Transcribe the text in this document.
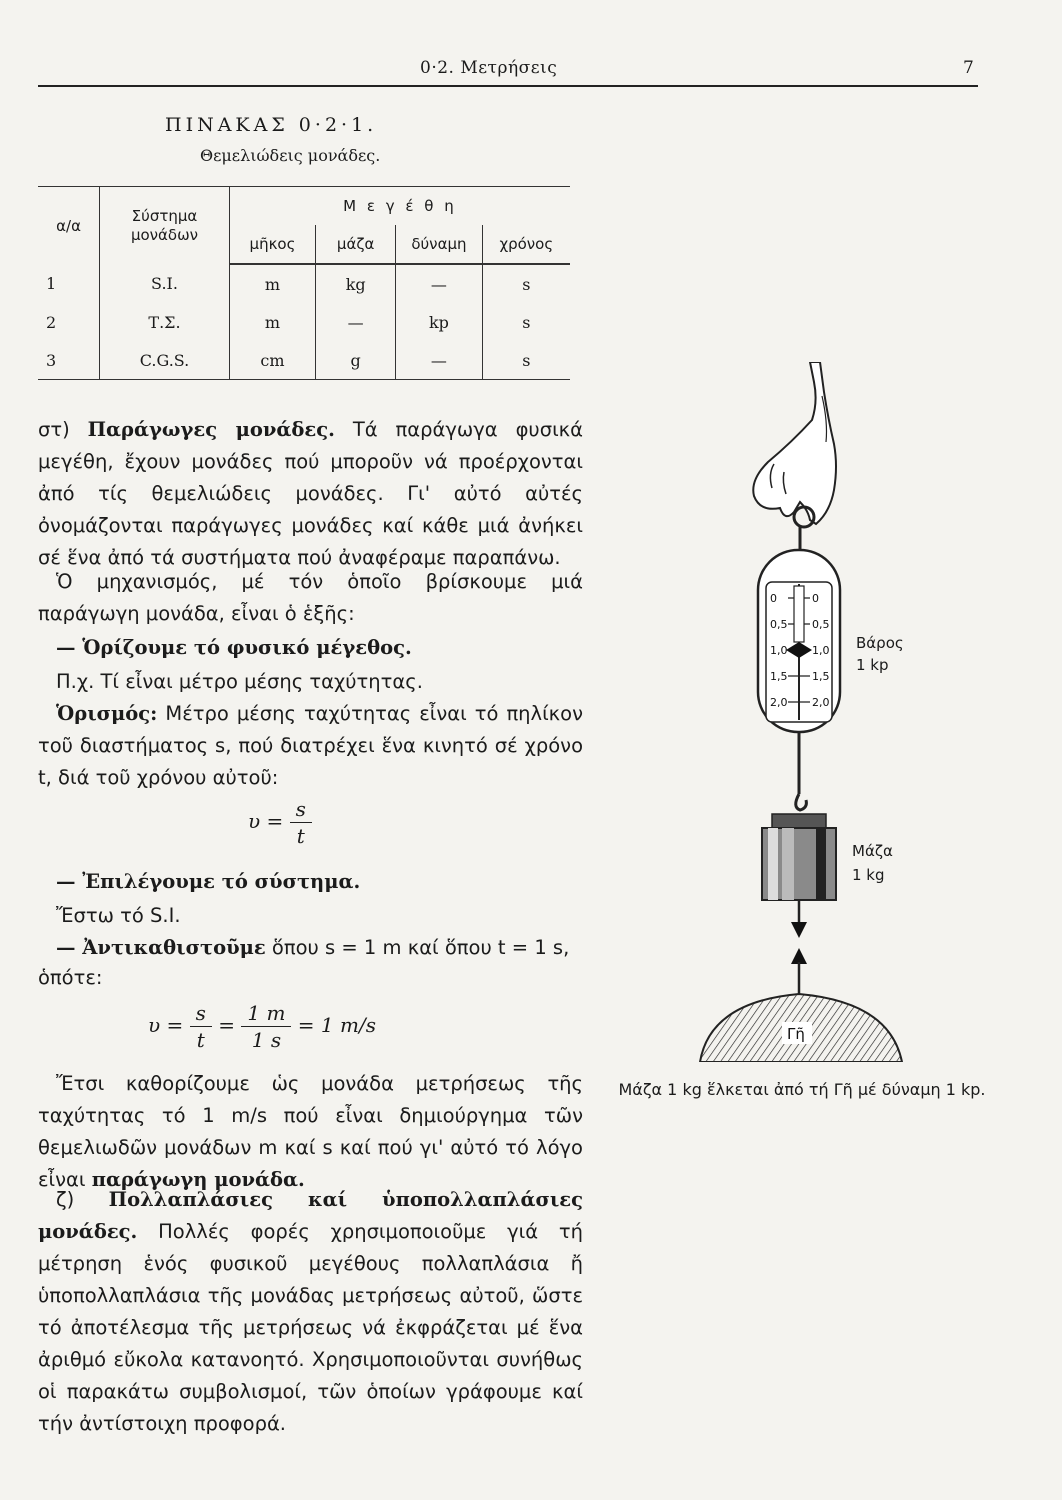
0·2. Μετρήσεις	7
ΠΙΝΑΚΑΣ 0·2·1.
Θεμελιώδεις μονάδες.
α/α	Σύστημα μονάδων	Μ ε γ έ θ η			
		μῆκος	μάζα	δύναμη	χρόνος
1	S.I.	m	kg	—	s
2	Τ.Σ.	m	—	kp	s
3	C.G.S.	cm	g	—	s
στ) Παράγωγες μονάδες. Τά παράγωγα φυσικά μεγέθη, ἔχουν μονάδες πού μποροῦν νά προέρχονται ἀπό τίς θεμελιώδεις μονάδες. Γι' αὐτό αὐτές ὀνομάζονται παράγωγες μονάδες καί κάθε μιά ἀνήκει σέ ἕνα ἀπό τά συστήματα πού ἀναφέραμε παραπάνω.
Ὁ μηχανισμός, μέ τόν ὁποῖο βρίσκουμε μιά παράγωγη μονάδα, εἶναι ὁ ἑξῆς:
— Ὁρίζουμε τό φυσικό μέγεθος.
Π.χ. Τί εἶναι μέτρο μέσης ταχύτητας.
Ὁρισμός: Μέτρο μέσης ταχύτητας εἶναι τό πηλίκον τοῦ διαστήματος s, πού διατρέχει ἕνα κινητό σέ χρόνο t, διά τοῦ χρόνου αὐτοῦ:
$\upsilon = \frac{s}{t}$
— Ἐπιλέγουμε τό σύστημα.
Ἔστω τό S.I.
— Ἀντικαθιστοῦμε ὅπου s = 1 m καί ὅπου t = 1 s,
ὁπότε:
$\upsilon = \frac{s}{t} = \frac{1 m}{1 s} = 1$ m/s
Ἔτσι καθορίζουμε ὡς μονάδα μετρήσεως τῆς ταχύτητας τό 1 m/s πού εἶναι δημιούργημα τῶν θεμελιωδῶν μονάδων m καί s καί πού γι' αὐτό τό λόγο εἶναι παράγωγη μονάδα.
ζ) Πολλαπλάσιες καί ὑποπολλαπλάσιες μονάδες. Πολλές φορές χρησιμοποιοῦμε γιά τή μέτρηση ἑνός φυσικοῦ μεγέθους πολλαπλάσια ἤ ὑποπολλαπλάσια τῆς μονάδας μετρήσεως αὐτοῦ, ὥστε τό ἀποτέλεσμα τῆς μετρήσεως νά ἐκφράζεται μέ ἕνα ἀριθμό εὔκολα κατανοητό. Χρησιμοποιοῦνται συνήθως οἱ παρακάτω συμβολισμοί, τῶν ὁποίων γράφουμε καί τήν ἀντίστοιχη προφορά.
0
0,5
1,0
1,5
2,0
0
0,5
1,0
1,5
2,0
Γῆ
Βάρος
1 kp
Μάζα
1 kg
Μάζα 1 kg ἕλκεται ἀπό τή Γῆ μέ δύναμη 1 kp.
